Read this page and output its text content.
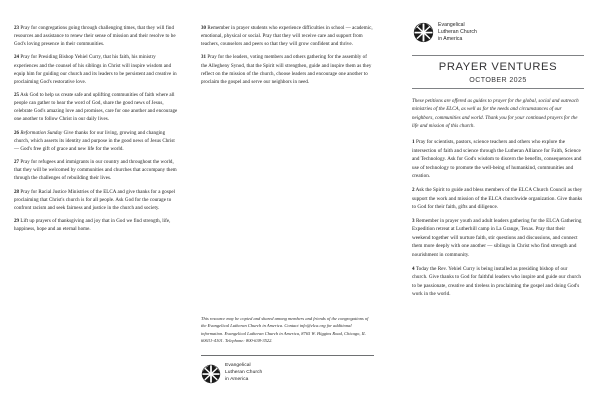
23 Pray for congregations going through challenging times, that they will find resources and assistance to renew their sense of mission and their resolve to be God's loving presence in their communities.

24 Pray for Presiding Bishop Yehiel Curry, that his faith, his ministry experiences and the counsel of his siblings in Christ will inspire wisdom and equip him for guiding our church and its leaders to be persistent and creative in proclaiming God's restorative love.

25 Ask God to help us create safe and uplifting communities of faith where all people can gather to hear the word of God, share the good news of Jesus, celebrate God's amazing love and promises, care for one another and encourage one another to follow Christ in our daily lives.

26 Reformation Sunday Give thanks for our living, growing and changing church, which asserts its identity and purpose in the good news of Jesus Christ — God's free gift of grace and new life for the world.

27 Pray for refugees and immigrants in our country and throughout the world, that they will be welcomed by communities and churches that accompany them through the challenges of rebuilding their lives.

28 Pray for Racial Justice Ministries of the ELCA and give thanks for a gospel proclaiming that Christ's church is for all people. Ask God for the courage to confront racism and seek fairness and justice in the church and society.

29 Lift up prayers of thanksgiving and joy that in God we find strength, life, happiness, hope and an eternal home.

30 Remember in prayer students who experience difficulties in school — academic, emotional, physical or social. Pray that they will receive care and support from teachers, counselors and peers so that they will grow confident and thrive.

31 Pray for the leaders, voting members and others gathering for the assembly of the Allegheny Synod, that the Spirit will strengthen, guide and inspire them as they reflect on the mission of the church, choose leaders and encourage one another to proclaim the gospel and serve our neighbors in need.

This resource may be copied and shared among members and friends of the congregations of the Evangelical Lutheran Church in America. Contact info@elca.org for additional information. Evangelical Lutheran Church in America, 8765 W. Higgins Road, Chicago, IL 60631-4101. Telephone: 800-638-3522.

Evangelical
Lutheran Church
in America
Evangelical
Lutheran Church
in America
PRAYER VENTURES
OCTOBER 2025

These petitions are offered as guides to prayer for the global, social and outreach ministries of the ELCA, as well as for the needs and circumstances of our neighbors, communities and world. Thank you for your continued prayers for the life and mission of this church.

1 Pray for scientists, pastors, science teachers and others who explore the intersection of faith and science through the Lutheran Alliance for Faith, Science and Technology. Ask for God's wisdom to discern the benefits, consequences and use of technology to promote the well-being of humankind, communities and creation.

2 Ask the Spirit to guide and bless members of the ELCA Church Council as they support the work and mission of the ELCA churchwide organization. Give thanks to God for their faith, gifts and diligence.

3 Remember in prayer youth and adult leaders gathering for the ELCA Gathering Expedition retreat at Lutherhill camp in La Grange, Texas. Pray that their weekend together will nurture faith, stir questions and discussions, and connect them more deeply with one another — siblings in Christ who find strength and nourishment in community.

4 Today the Rev. Yehiel Curry is being installed as presiding bishop of our church. Give thanks to God for faithful leaders who inspire and guide our church to be passionate, creative and tireless in proclaiming the gospel and doing God's work in the world.
